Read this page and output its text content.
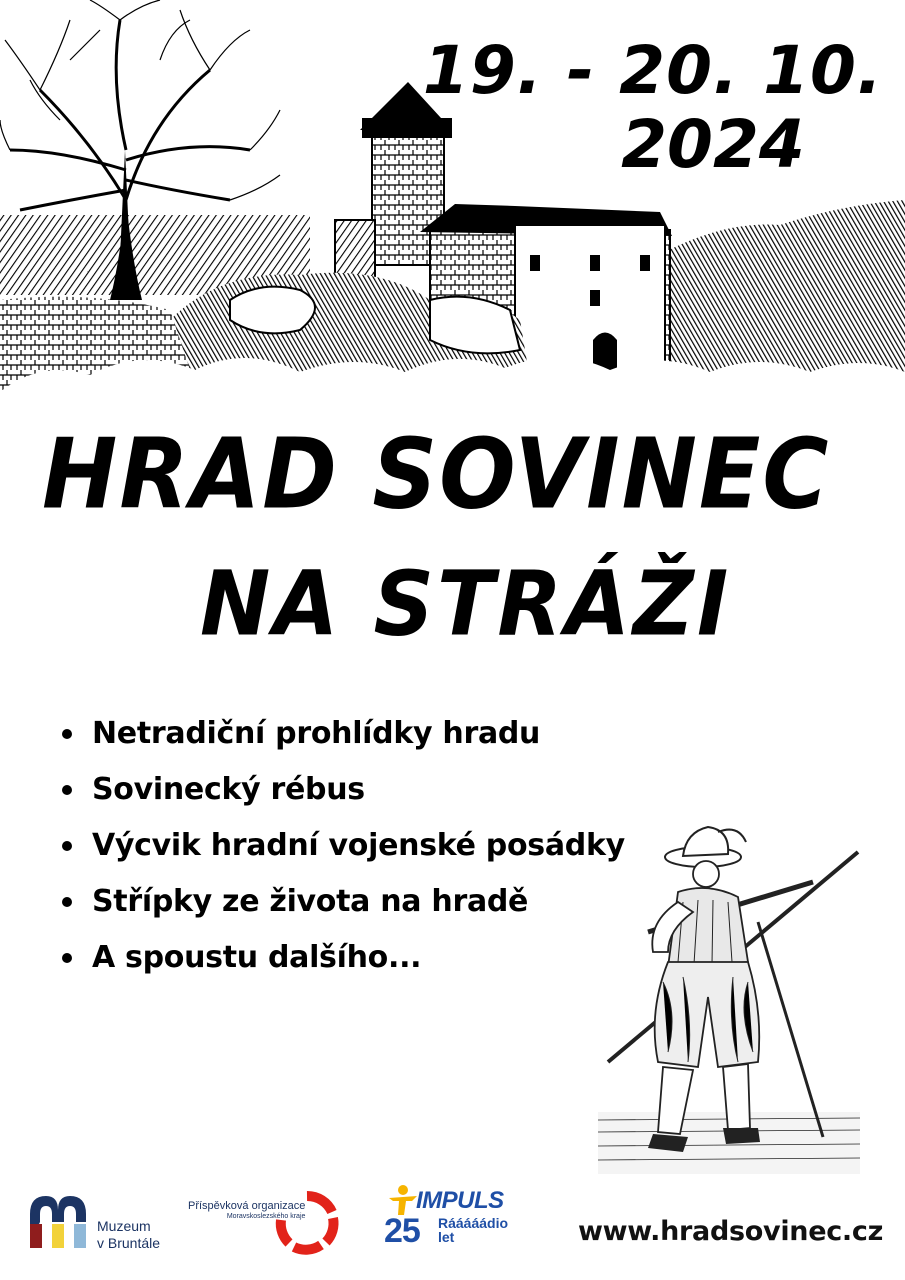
19. - 20. 10.
2024
HRAD SOVINEC
NA STRÁŽI
Netradiční prohlídky hradu
Sovinecký rébus
Výcvik hradní vojenské posádky
Střípky ze života na hradě
A spoustu dalšího...
Muzeum
v Bruntále
Příspěvková organizace
Moravskoslezského kraje
IMPULS
25 Rááááádio
let	www.hradsovinec.cz
